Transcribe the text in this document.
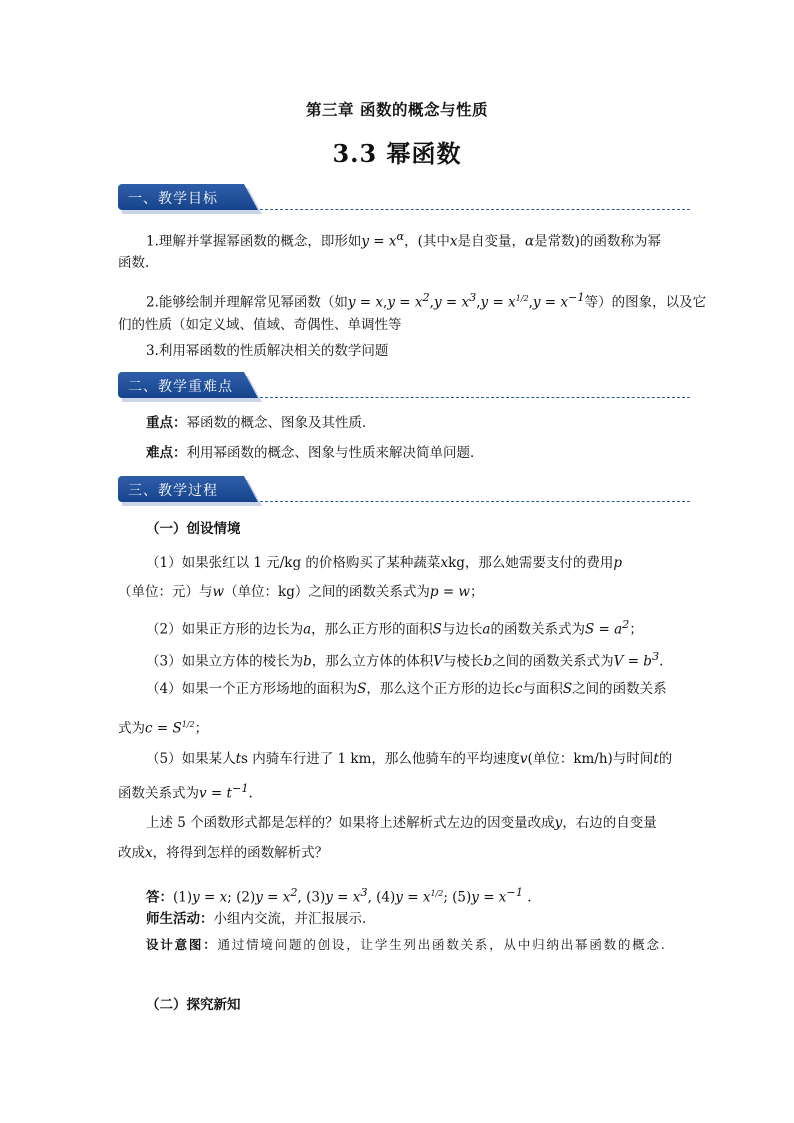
第三章 函数的概念与性质
3.3 幂函数
一、教学目标
1.理解并掌握幂函数的概念，即形如$y = x^\alpha$，(其中x是自变量，α是常数)的函数称为幂
函数.
2.能够绘制并理解常见幂函数（如$y = x,y = x^2,y = x^3,y = x^{1/2},y = x^{-1}$等）的图象，以及它
们的性质（如定义域、值域、奇偶性、单调性等
3.利用幂函数的性质解决相关的数学问题
二、教学重难点
重点：幂函数的概念、图象及其性质．
难点：利用幂函数的概念、图象与性质来解决简单问题．
三、教学过程
（一）创设情境
（1）如果张红以 1 元/kg 的价格购买了某种蔬菜xkg，那么她需要支付的费用p
（单位：元）与w（单位：kg）之间的函数关系式为p = w；
（2）如果正方形的边长为a，那么正方形的面积S与边长a的函数关系式为$S = a^2$；
（3）如果立方体的棱长为b，那么立方体的体积V与棱长b之间的函数关系式为$V = b^3$.
（4）如果一个正方形场地的面积为S，那么这个正方形的边长c与面积S之间的函数关系
式为$c = S^{1/2}$；
（5）如果某人ts 内骑车行进了 1 km，那么他骑车的平均速度v(单位：km/h)与时间t的
函数关系式为$v = t^{-1}$.
上述 5 个函数形式都是怎样的？如果将上述解析式左边的因变量改成y，右边的自变量
改成x，将得到怎样的函数解析式？
答：(1)y = x; $(2)y = x^2$, $(3)y = x^3$, $(4)y = x^{1/2}$; $(5)y = x^{-1}$ .
师生活动：小组内交流，并汇报展示.
设计意图：通过情境问题的创设，让学生列出函数关系，从中归纳出幂函数的概念.
（二）探究新知
